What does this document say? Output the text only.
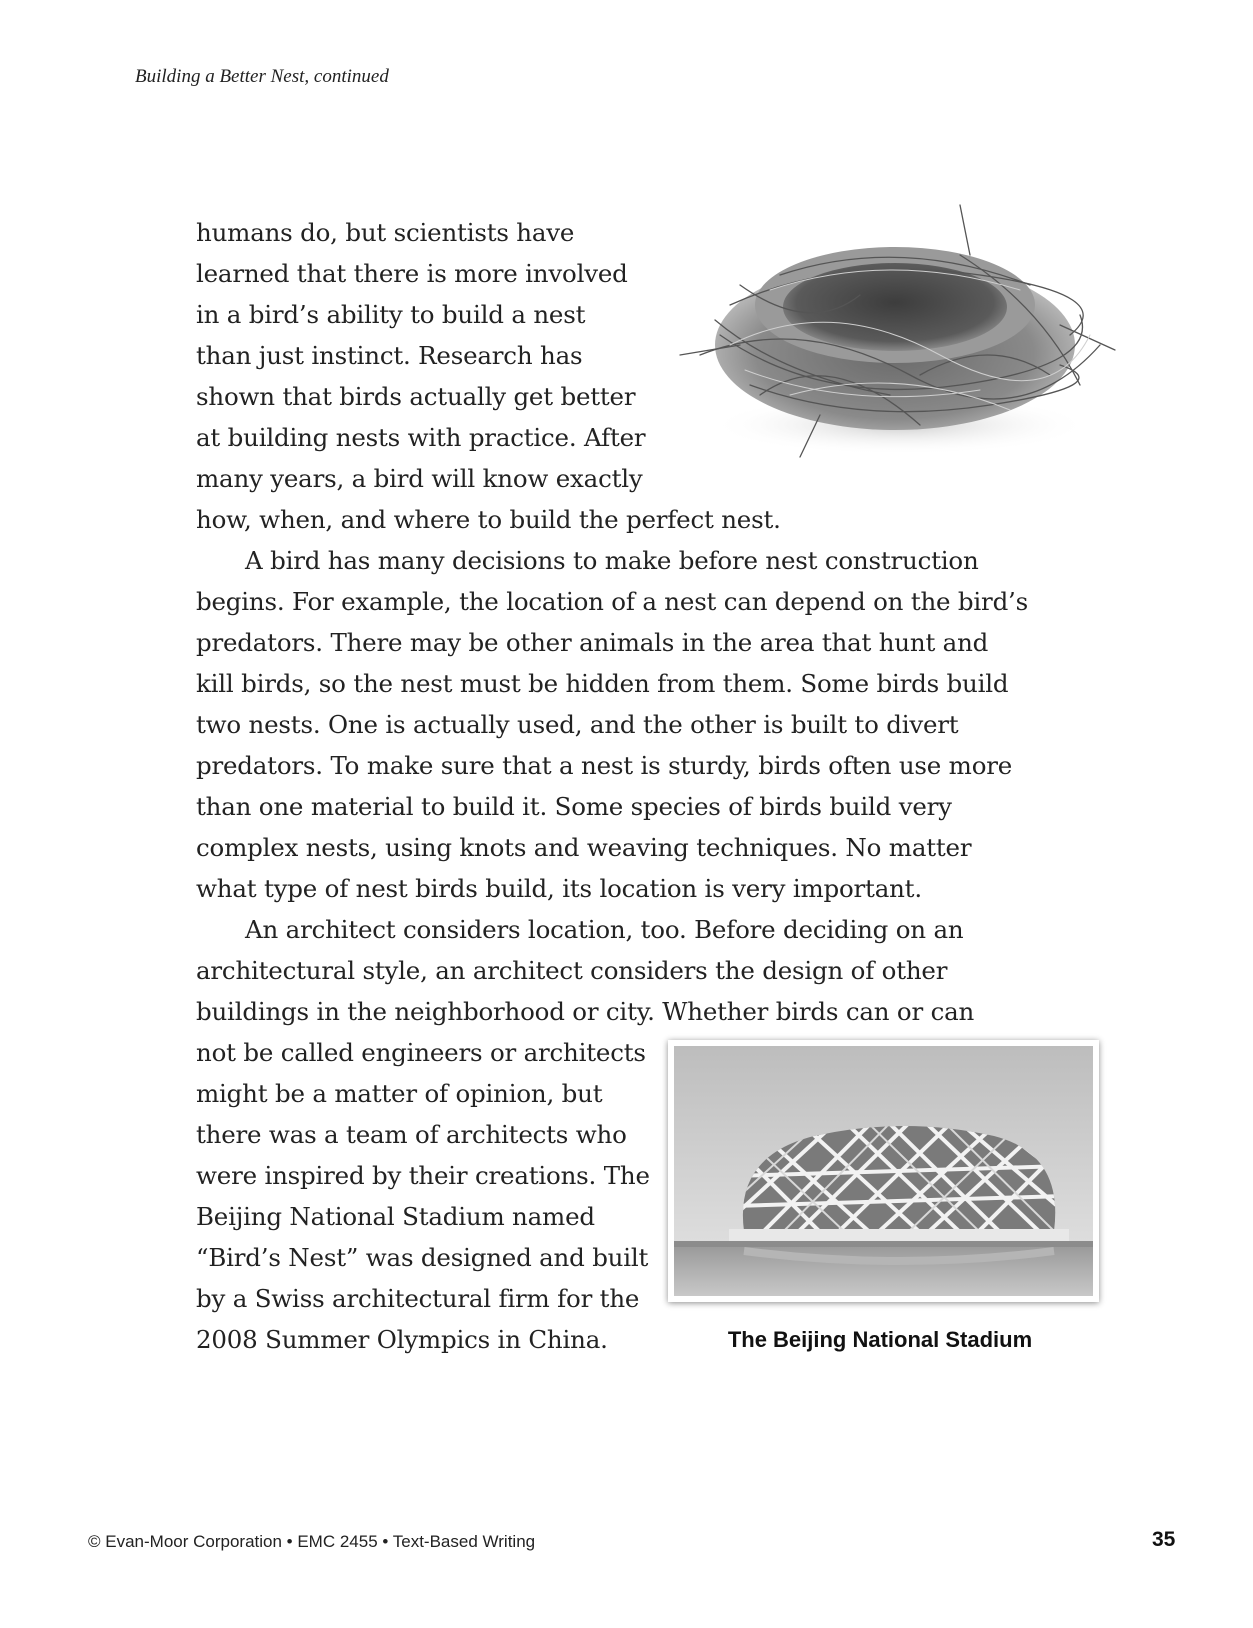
Building a Better Nest, continued
humans do, but scientists have
learned that there is more involved
in a bird’s ability to build a nest
than just instinct. Research has
shown that birds actually get better
at building nests with practice. After
many years, a bird will know exactly
how, when, and where to build the perfect nest.
A bird has many decisions to make before nest construction
begins. For example, the location of a nest can depend on the bird’s
predators. There may be other animals in the area that hunt and
kill birds, so the nest must be hidden from them. Some birds build
two nests. One is actually used, and the other is built to divert
predators. To make sure that a nest is sturdy, birds often use more
than one material to build it. Some species of birds build very
complex nests, using knots and weaving techniques. No matter
what type of nest birds build, its location is very important.
An architect considers location, too. Before deciding on an
architectural style, an architect considers the design of other
buildings in the neighborhood or city. Whether birds can or can
not be called engineers or architects
might be a matter of opinion, but
there was a team of architects who
were inspired by their creations. The
Beijing National Stadium named
“Bird’s Nest” was designed and built
by a Swiss architectural firm for the
2008 Summer Olympics in China.	The Beijing National Stadium
© Evan-Moor Corporation • EMC 2455 • Text-Based Writing	35
